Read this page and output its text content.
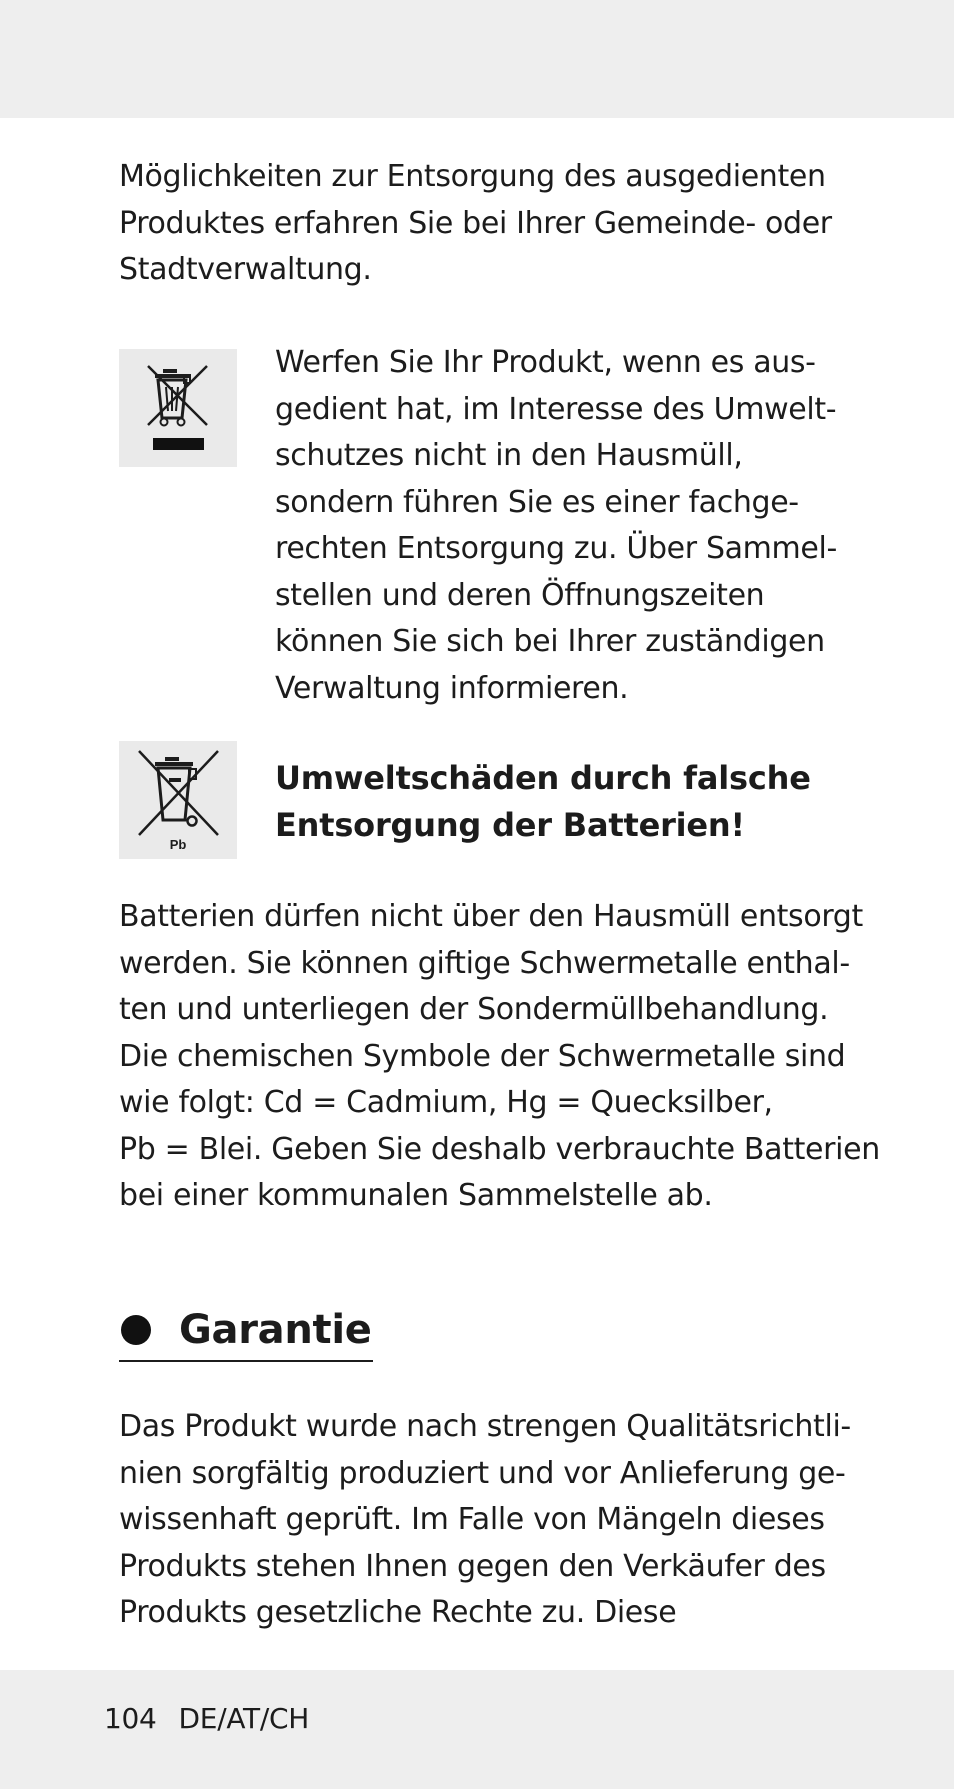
Möglichkeiten zur Entsorgung des ausgedienten
Produktes erfahren Sie bei Ihrer Gemeinde- oder
Stadtverwaltung.

Werfen Sie Ihr Produkt, wenn es aus-
gedient hat, im Interesse des Umwelt-
schutzes nicht in den Hausmüll,
sondern führen Sie es einer fachge-
rechten Entsorgung zu. Über Sammel-
stellen und deren Öffnungszeiten
können Sie sich bei Ihrer zuständigen
Verwaltung informieren.

Pb

Umweltschäden durch falsche
Entsorgung der Batterien!

Batterien dürfen nicht über den Hausmüll entsorgt
werden. Sie können giftige Schwermetalle enthal-
ten und unterliegen der Sondermüllbehandlung.
Die chemischen Symbole der Schwermetalle sind
wie folgt: Cd = Cadmium, Hg = Quecksilber,
Pb = Blei. Geben Sie deshalb verbrauchte Batterien
bei einer kommunalen Sammelstelle ab.

Garantie

Das Produkt wurde nach strengen Qualitätsrichtli-
nien sorgfältig produziert und vor Anlieferung ge-
wissenhaft geprüft. Im Falle von Mängeln dieses
Produkts stehen Ihnen gegen den Verkäufer des
Produkts gesetzliche Rechte zu. Diese

104 DE/AT/CH
